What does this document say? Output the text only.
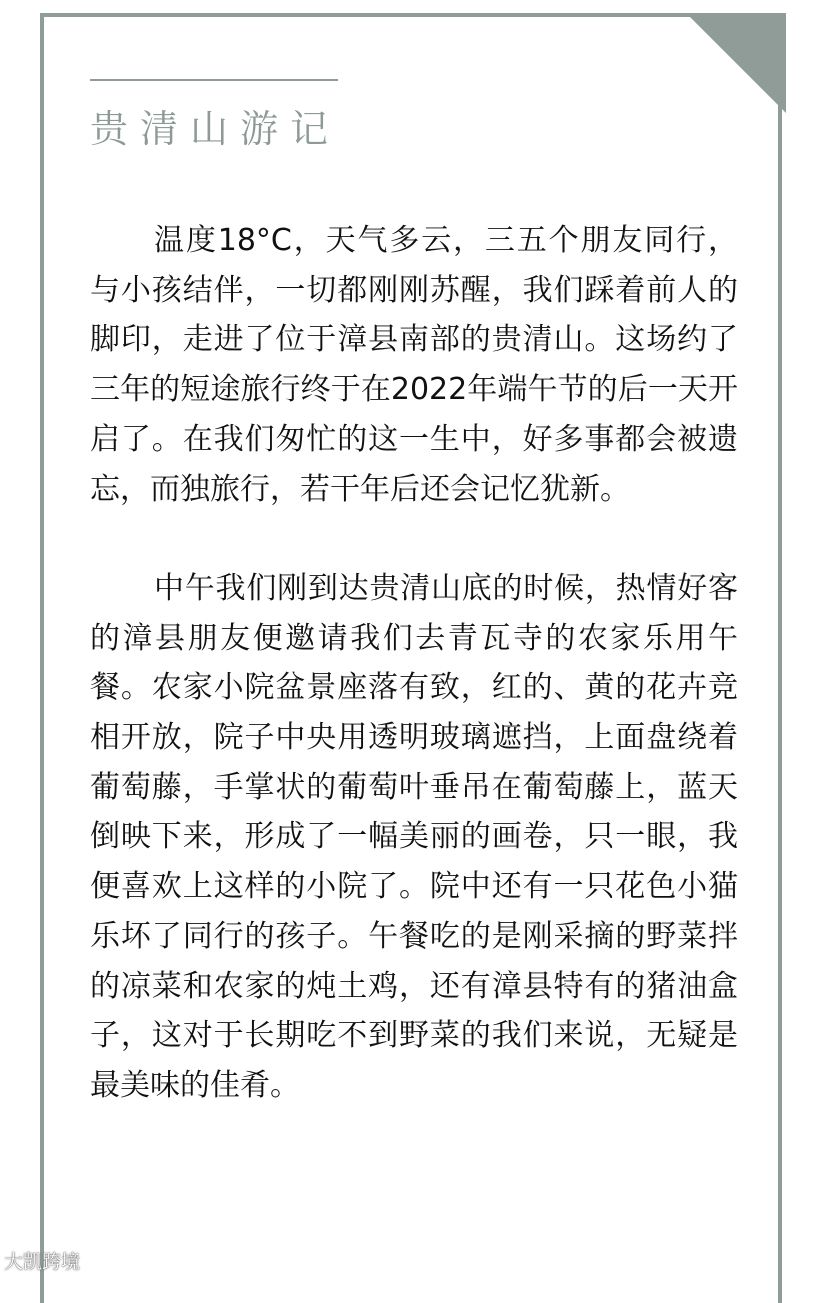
贵清山游记

温度18°C，天气多云，三五个朋友同行，与小孩结伴，一切都刚刚苏醒，我们踩着前人的脚印，走进了位于漳县南部的贵清山。这场约了三年的短途旅行终于在2022年端午节的后一天开启了。在我们匆忙的这一生中，好多事都会被遗忘，而独旅行，若干年后还会记忆犹新。

中午我们刚到达贵清山底的时候，热情好客的漳县朋友便邀请我们去青瓦寺的农家乐用午餐。农家小院盆景座落有致，红的、黄的花卉竞相开放，院子中央用透明玻璃遮挡，上面盘绕着葡萄藤，手掌状的葡萄叶垂吊在葡萄藤上，蓝天倒映下来，形成了一幅美丽的画卷，只一眼，我便喜欢上这样的小院了。院中还有一只花色小猫乐坏了同行的孩子。午餐吃的是刚采摘的野菜拌的凉菜和农家的炖土鸡，还有漳县特有的猪油盒子，这对于长期吃不到野菜的我们来说，无疑是最美味的佳肴。

大凯跨境
